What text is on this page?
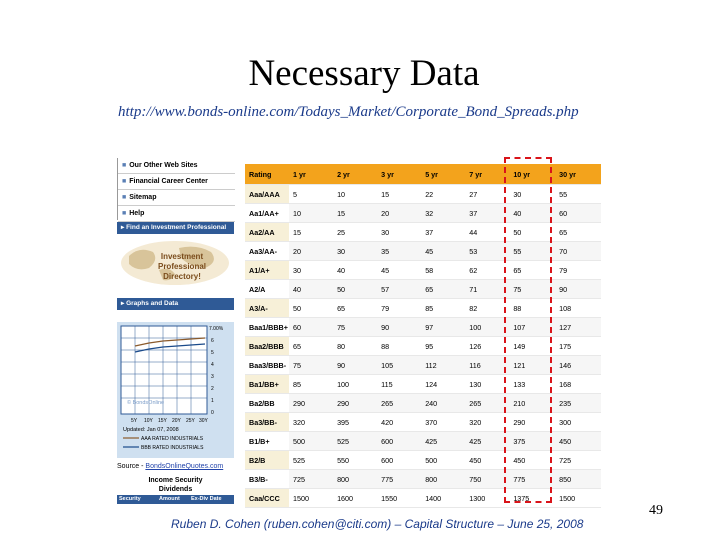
Necessary Data
http://www.bonds-online.com/Todays_Market/Corporate_Bond_Spreads.php
■ Our Other Web Sites
■ Financial Career Center
■ Sitemap
■ Help
▸ Find an Investment Professional
Investment
Professional
Directory!
▸ Graphs and Data
7.00%
6
5
4
3
2
1
0
© BondsOnline
5Y 10Y 15Y 20Y 25Y 30Y
Updated: Jan 07, 2008
AAA RATED INDUSTRIALS
BBB RATED INDUSTRIALS
Source - BondsOnlineQuotes.com
Income Security
Dividends
Security	Amount Ex-Div Date
Rating	1 yr	2 yr	3 yr	5 yr	7 yr	10 yr	30 yr
Aaa/AAA	5	10	15	22	27	30	55
Aa1/AA+	10	15	20	32	37	40	60
Aa2/AA	15	25	30	37	44	50	65
Aa3/AA-	20	30	35	45	53	55	70
A1/A+	30	40	45	58	62	65	79
A2/A	40	50	57	65	71	75	90
A3/A-	50	65	79	85	82	88	108
Baa1/BBB+	60	75	90	97	100	107	127
Baa2/BBB	65	80	88	95	126	149	175
Baa3/BBB-	75	90	105	112	116	121	146
Ba1/BB+	85	100	115	124	130	133	168
Ba2/BB	290	290	265	240	265	210	235
Ba3/BB-	320	395	420	370	320	290	300
B1/B+	500	525	600	425	425	375	450
B2/B	525	550	600	500	450	450	725
B3/B-	725	800	775	800	750	775	850
Caa/CCC	1500	1600	1550	1400	1300	1375	1500
49
Ruben D. Cohen (ruben.cohen@citi.com) – Capital Structure – June 25, 2008
